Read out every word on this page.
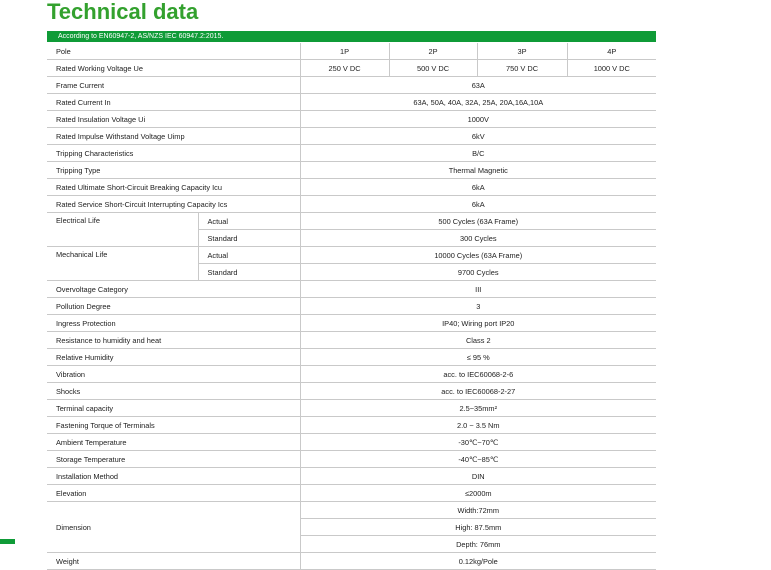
Technical data
According to EN60947-2, AS/NZS IEC 60947.2:2015.
Pole		1P	2P	3P	4P
Rated Working Voltage Ue		250 V DC	500 V DC	750 V DC	1000 V DC
Frame Current		63A			
Rated Current In		63A, 50A, 40A, 32A, 25A, 20A,16A,10A			
Rated Insulation Voltage Ui		1000V			
Rated Impulse Withstand Voltage Uimp		6kV			
Tripping Characteristics		B/C			
Tripping Type		Thermal Magnetic			
Rated Ultimate Short-Circuit Breaking Capacity Icu		6kA			
Rated Service Short-Circuit Interrupting Capacity Ics		6kA			
Electrical Life	Actual	500 Cycles (63A Frame)			
	Standard	300 Cycles			
Mechanical Life	Actual	10000 Cycles (63A Frame)			
	Standard	9700 Cycles			
Overvoltage Category		III			
Pollution Degree		3			
Ingress Protection		IP40; Wiring port IP20			
Resistance to humidity and heat		Class 2			
Relative Humidity		≤ 95 %			
Vibration		acc. to IEC60068-2-6			
Shocks		acc. to IEC60068-2-27			
Terminal capacity		2.5~35mm²			
Fastening Torque of Terminals		2.0 ~ 3.5 Nm			
Ambient Temperature		-30℃~70℃			
Storage Temperature		-40℃~85℃			
Installation Method		DIN			
Elevation		≤2000m			
Dimension		Width:72mm			
		High: 87.5mm			
		Depth: 76mm			
Weight		0.12kg/Pole			
